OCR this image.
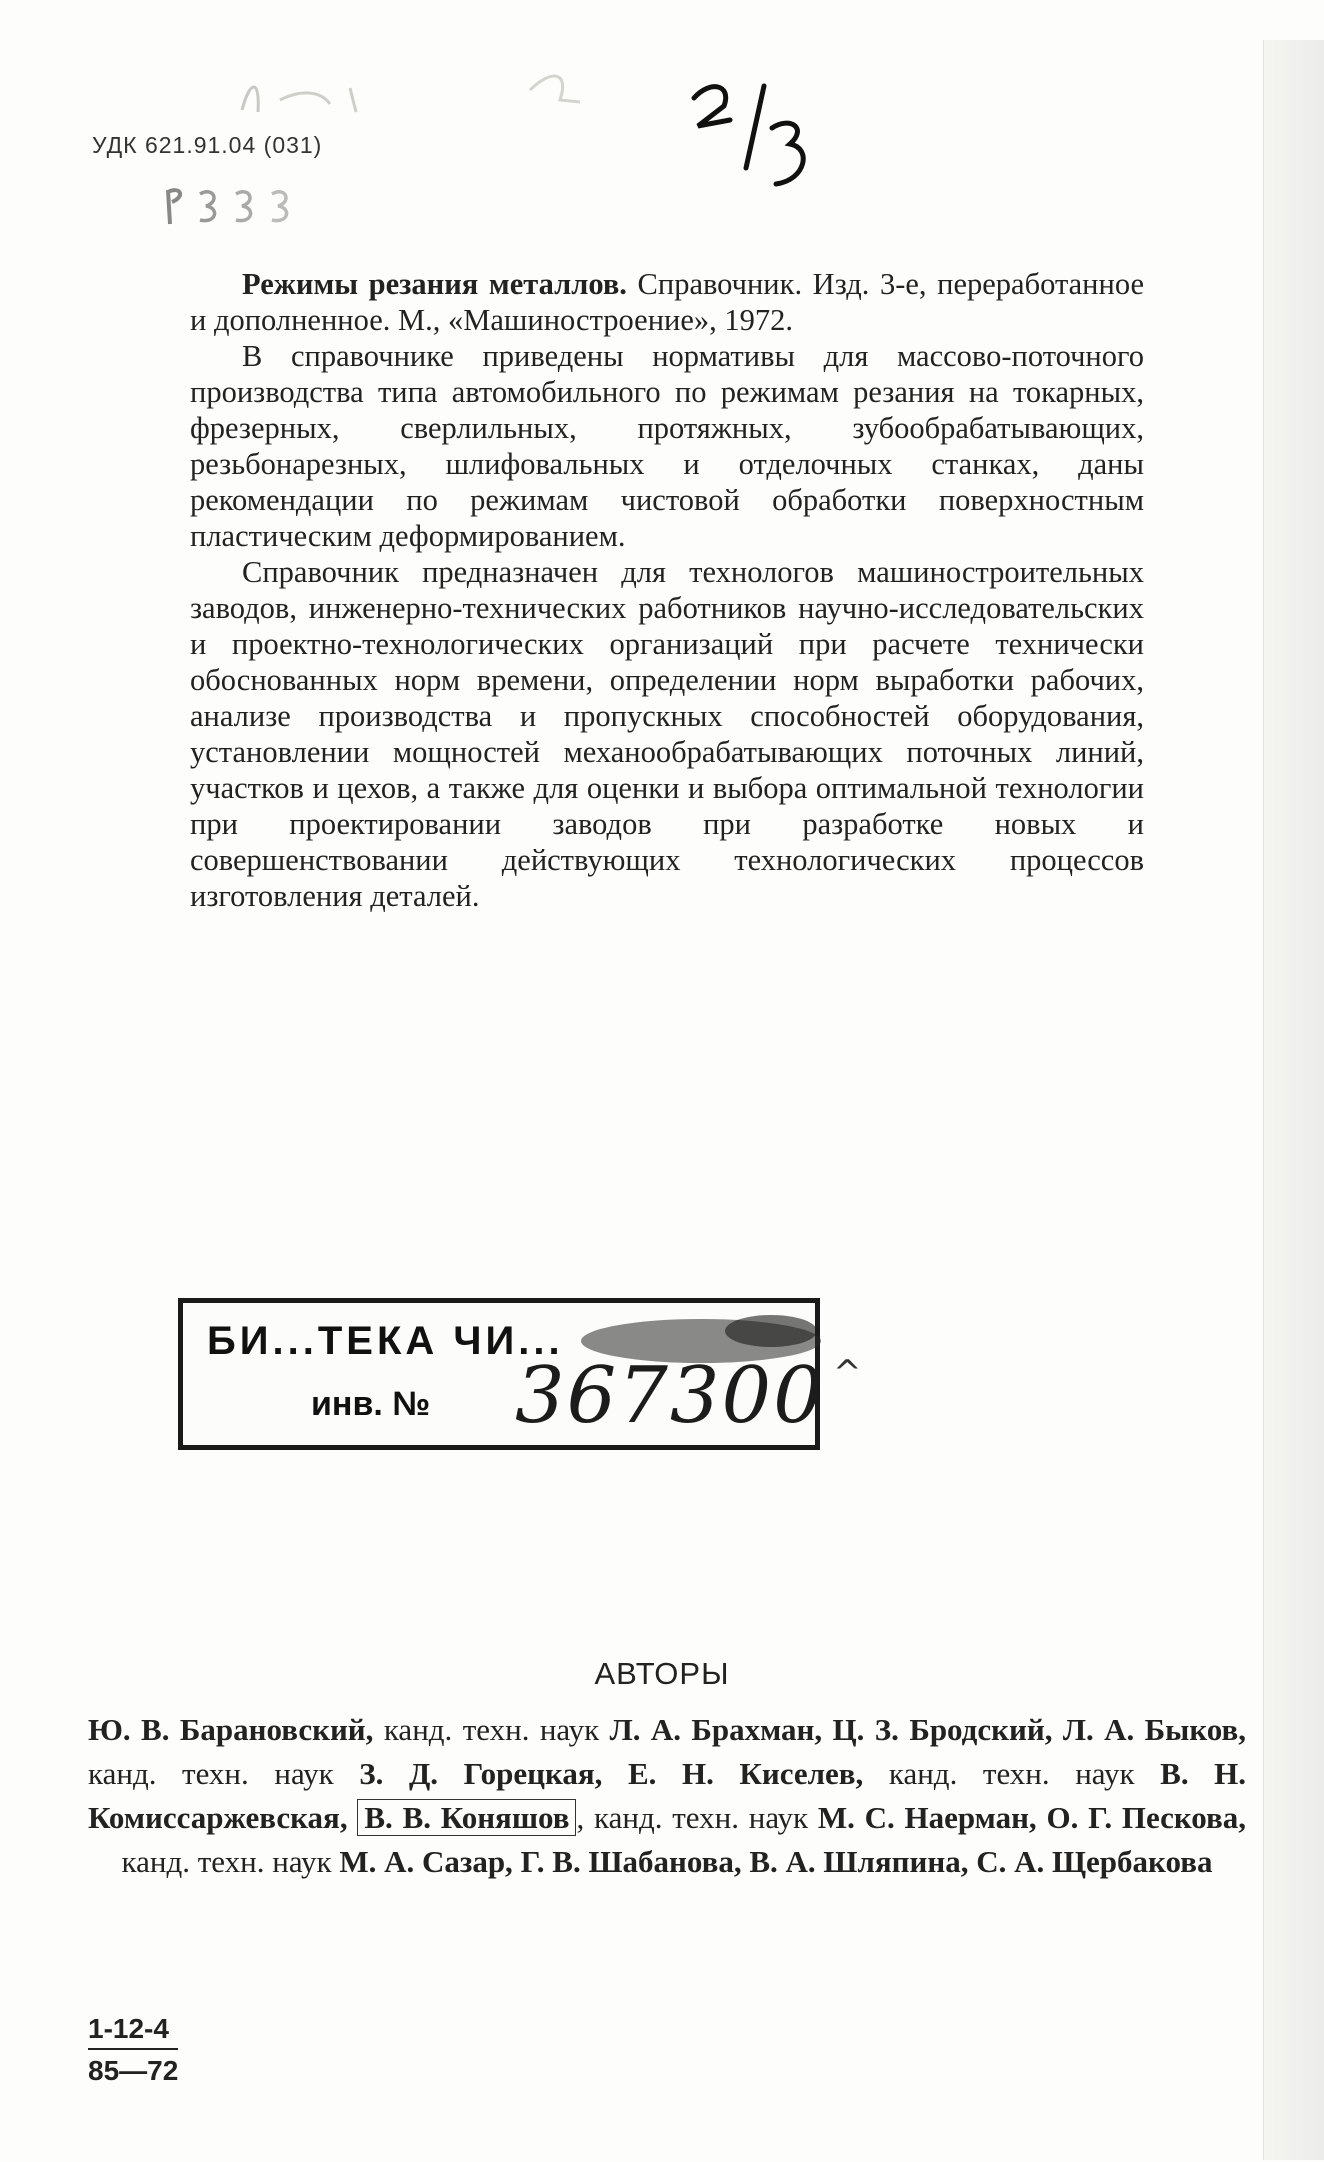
УДК 621.91.04 (031)

Режимы резания металлов. Справочник. Изд. 3-е, переработанное и дополненное. М., «Машиностроение», 1972.

В справочнике приведены нормативы для массово-поточного производства типа автомобильного по режимам резания на токарных, фрезерных, сверлильных, протяжных, зубообрабатывающих, резьбонарезных, шлифовальных и отделочных станках, даны рекомендации по режимам чистовой обработки поверхностным пластическим деформированием.

Справочник предназначен для технологов машиностроительных заводов, инженерно-технических работников научно-исследовательских и проектно-технологических организаций при расчете технически обоснованных норм времени, определении норм выработки рабочих, анализе производства и пропускных способностей оборудования, установлении мощностей механообрабатывающих поточных линий, участков и цехов, а также для оценки и выбора оптимальной технологии при проектировании заводов при разработке новых и совершенствовании действующих технологических процессов изготовления деталей.

БИ...ТЕКА ЧИ...
инв. № 367300 ^
АВТОРЫ
Ю. В. Барановский, канд. техн. наук Л. А. Брахман, Ц. З. Бродский, Л. А. Быков, канд. техн. наук З. Д. Горецкая, Е. Н. Киселев, канд. техн. наук В. Н. Комиссаржевская, В. В. Коняшов , канд. техн. наук М. С. Наерман, О. Г. Пескова, канд. техн. наук М. А. Сазар, Г. В. Шабанова, В. А. Шляпина, С. А. Щербакова
1-12-4
85—72
